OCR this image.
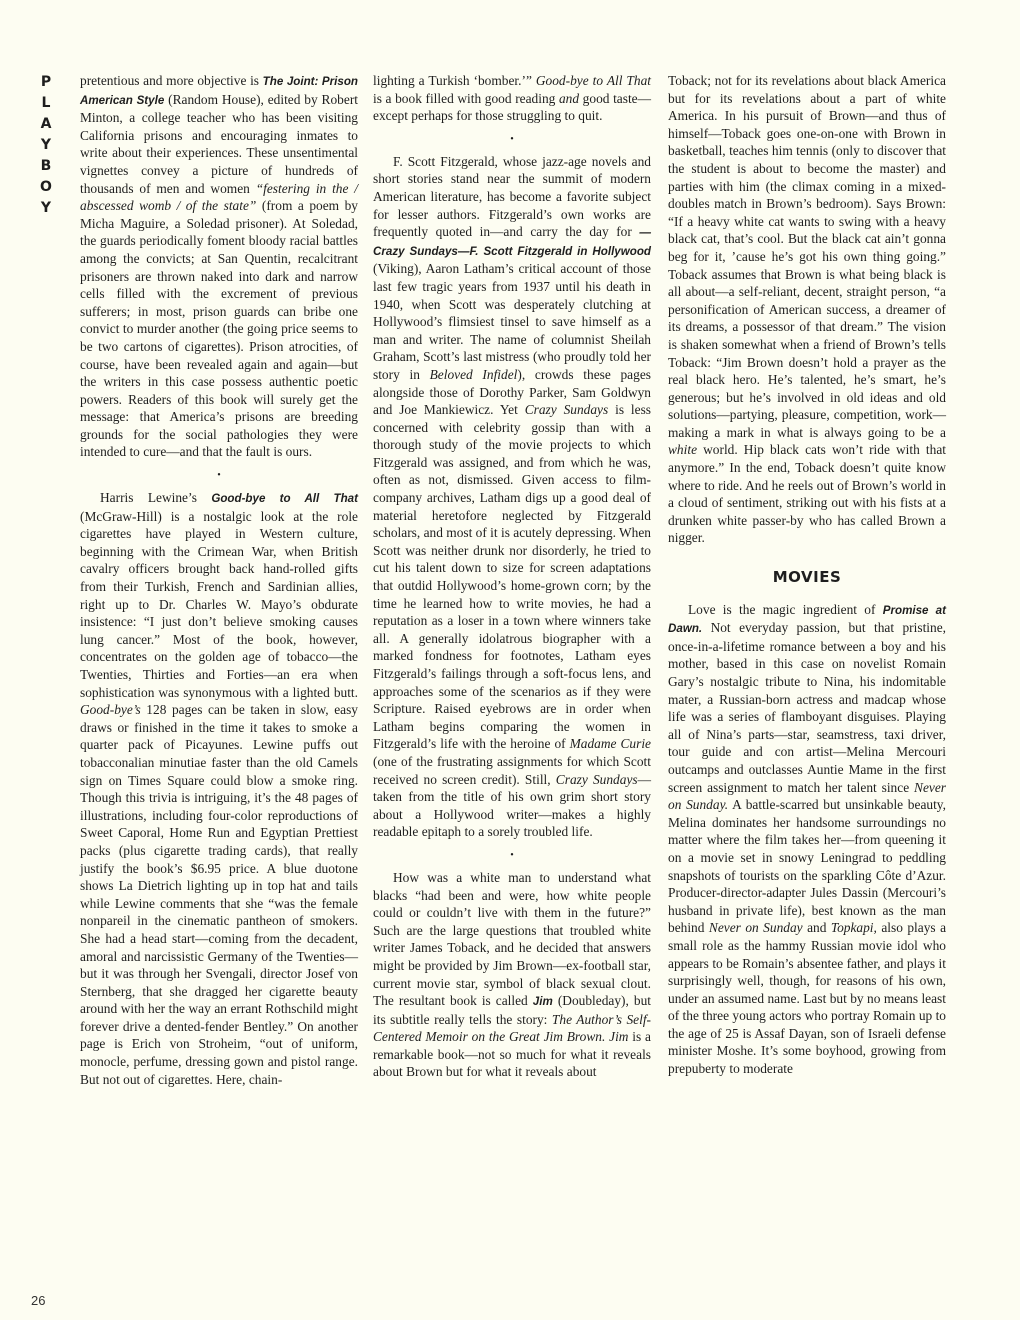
P
L
A
Y
B
O
Y
26

pretentious and more objective is The Joint: Prison American Style (Random House), edited by Robert Minton, a college teacher who has been visiting California prisons and encouraging inmates to write about their experiences. These unsentimental vignettes convey a picture of hundreds of thousands of men and women “festering in the / abscessed womb / of the state” (from a poem by Micha Maguire, a Soledad prisoner). At Soledad, the guards periodically foment bloody racial battles among the convicts; at San Quentin, recalcitrant prisoners are thrown naked into dark and narrow cells filled with the excrement of previous sufferers; in most, prison guards can bribe one convict to murder another (the going price seems to be two cartons of cigarettes). Prison atrocities, of course, have been revealed again and again—but the writers in this case possess authentic poetic powers. Readers of this book will surely get the message: that America’s prisons are breeding grounds for the social pathologies they were intended to cure—and that the fault is ours.

•

Harris Lewine’s Good-bye to All That (McGraw-Hill) is a nostalgic look at the role cigarettes have played in Western culture, beginning with the Crimean War, when British cavalry officers brought back hand-rolled gifts from their Turkish, French and Sardinian allies, right up to Dr. Charles W. Mayo’s obdurate insistence: “I just don’t believe smoking causes lung cancer.” Most of the book, however, concentrates on the golden age of tobacco—the Twenties, Thirties and Forties—an era when sophistication was synonymous with a lighted butt. Good-bye’s 128 pages can be taken in slow, easy draws or finished in the time it takes to smoke a quarter pack of Picayunes. Lewine puffs out tobacconalian minutiae faster than the old Camels sign on Times Square could blow a smoke ring. Though this trivia is intriguing, it’s the 48 pages of illustrations, including four-color reproductions of Sweet Caporal, Home Run and Egyptian Prettiest packs (plus cigarette trading cards), that really justify the book’s $6.95 price. A blue duotone shows La Dietrich lighting up in top hat and tails while Lewine comments that she “was the female nonpareil in the cinematic pantheon of smokers. She had a head start—coming from the decadent, amoral and narcissistic Germany of the Twenties—but it was through her Svengali, director Josef von Sternberg, that she dragged her cigarette beauty around with her the way an errant Rothschild might forever drive a dented-fender Bentley.” On another page is Erich von Stroheim, “out of uniform, monocle, perfume, dressing gown and pistol range. But not out of cigarettes. Here, chain-

lighting a Turkish ‘bomber.’” Good-bye to All That is a book filled with good reading and good taste—except perhaps for those struggling to quit.

•

F. Scott Fitzgerald, whose jazz-age novels and short stories stand near the summit of modern American literature, has become a favorite subject for lesser authors. Fitzgerald’s own works are frequently quoted in—and carry the day for —Crazy Sundays—F. Scott Fitzgerald in Hollywood (Viking), Aaron Latham’s critical account of those last few tragic years from 1937 until his death in 1940, when Scott was desperately clutching at Hollywood’s flimsiest tinsel to save himself as a man and writer. The name of columnist Sheilah Graham, Scott’s last mistress (who proudly told her story in Beloved Infidel), crowds these pages alongside those of Dorothy Parker, Sam Goldwyn and Joe Mankiewicz. Yet Crazy Sundays is less concerned with celebrity gossip than with a thorough study of the movie projects to which Fitzgerald was assigned, and from which he was, often as not, dismissed. Given access to film-company archives, Latham digs up a good deal of material heretofore neglected by Fitzgerald scholars, and most of it is acutely depressing. When Scott was neither drunk nor disorderly, he tried to cut his talent down to size for screen adaptations that outdid Hollywood’s home-grown corn; by the time he learned how to write movies, he had a reputation as a loser in a town where winners take all. A generally idolatrous biographer with a marked fondness for footnotes, Latham eyes Fitzgerald’s failings through a soft-focus lens, and approaches some of the scenarios as if they were Scripture. Raised eyebrows are in order when Latham begins comparing the women in Fitzgerald’s life with the heroine of Madame Curie (one of the frustrating assignments for which Scott received no screen credit). Still, Crazy Sundays—taken from the title of his own grim short story about a Hollywood writer—makes a highly readable epitaph to a sorely troubled life.

•

How was a white man to understand what blacks “had been and were, how white people could or couldn’t live with them in the future?” Such are the large questions that troubled white writer James Toback, and he decided that answers might be provided by Jim Brown—ex-football star, current movie star, symbol of black sexual clout. The resultant book is called Jim (Doubleday), but its subtitle really tells the story: The Author’s Self-Centered Memoir on the Great Jim Brown. Jim is a remarkable book—not so much for what it reveals about Brown but for what it reveals about

Toback; not for its revelations about black America but for its revelations about a part of white America. In his pursuit of Brown—and thus of himself—Toback goes one-on-one with Brown in basketball, teaches him tennis (only to discover that the student is about to become the master) and parties with him (the climax coming in a mixed-doubles match in Brown’s bedroom). Says Brown: “If a heavy white cat wants to swing with a heavy black cat, that’s cool. But the black cat ain’t gonna beg for it, ’cause he’s got his own thing going.” Toback assumes that Brown is what being black is all about—a self-reliant, decent, straight person, “a personification of American success, a dreamer of its dreams, a possessor of that dream.” The vision is shaken somewhat when a friend of Brown’s tells Toback: “Jim Brown doesn’t hold a prayer as the real black hero. He’s talented, he’s smart, he’s generous; but he’s involved in old ideas and old solutions—partying, pleasure, competition, work—making a mark in what is always going to be a white world. Hip black cats won’t ride with that anymore.” In the end, Toback doesn’t quite know where to ride. And he reels out of Brown’s world in a cloud of sentiment, striking out with his fists at a drunken white passer-by who has called Brown a nigger.

MOVIES

Love is the magic ingredient of Promise at Dawn. Not everyday passion, but that pristine, once-in-a-lifetime romance between a boy and his mother, based in this case on novelist Romain Gary’s nostalgic tribute to Nina, his indomitable mater, a Russian-born actress and madcap whose life was a series of flamboyant disguises. Playing all of Nina’s parts—star, seamstress, taxi driver, tour guide and con artist—Melina Mercouri outcamps and outclasses Auntie Mame in the first screen assignment to match her talent since Never on Sunday. A battle-scarred but unsinkable beauty, Melina dominates her handsome surroundings no matter where the film takes her—from queening it on a movie set in snowy Leningrad to peddling snapshots of tourists on the sparkling Côte d’Azur. Producer-director-adapter Jules Dassin (Mercouri’s husband in private life), best known as the man behind Never on Sunday and Topkapi, also plays a small role as the hammy Russian movie idol who appears to be Romain’s absentee father, and plays it surprisingly well, though, for reasons of his own, under an assumed name. Last but by no means least of the three young actors who portray Romain up to the age of 25 is Assaf Dayan, son of Israeli defense minister Moshe. It’s some boyhood, growing from prepuberty to moderate
